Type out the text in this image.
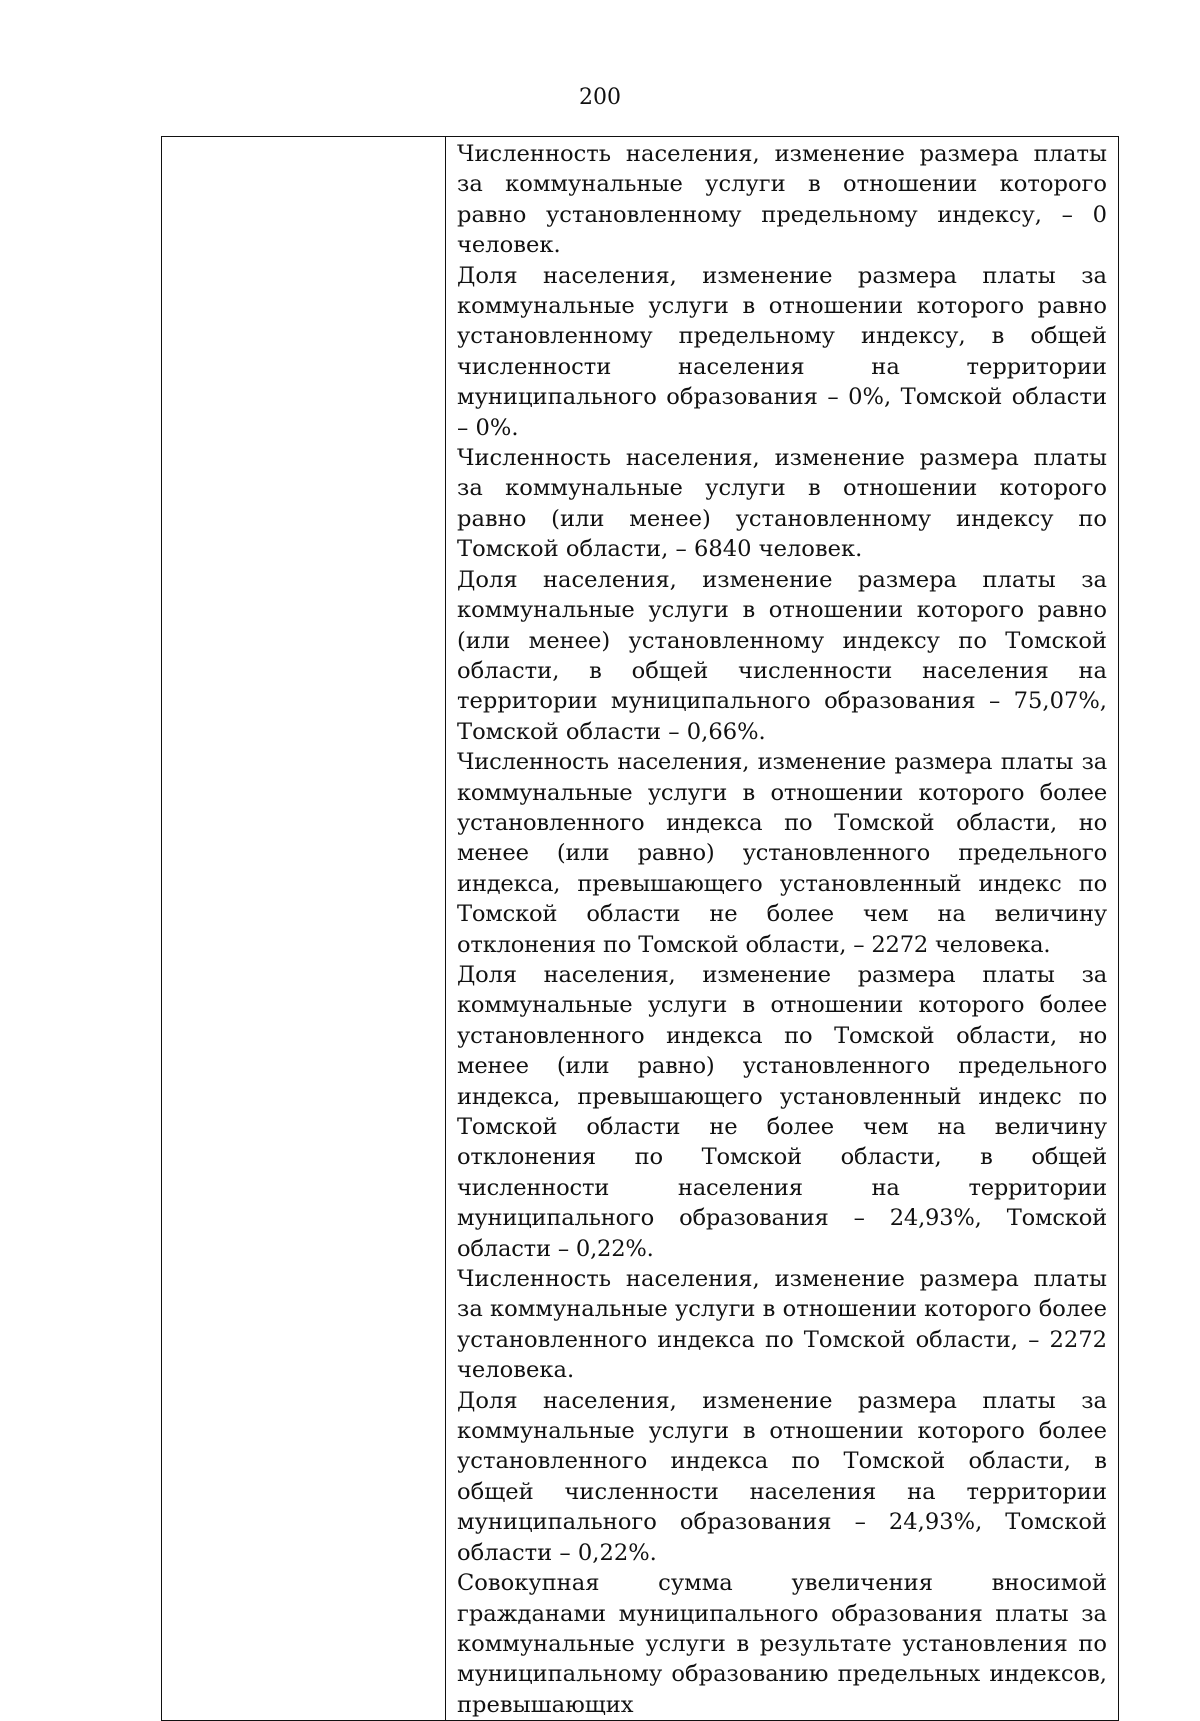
200

Численность населения, изменение размера платы за коммунальные услуги в отношении которого равно установленному предельному индексу, – 0 человек.

Доля населения, изменение размера платы за коммунальные услуги в отношении которого равно установленному предельному индексу, в общей численности населения на территории муниципального образования – 0%, Томской области – 0%.

Численность населения, изменение размера платы за коммунальные услуги в отношении которого равно (или менее) установленному индексу по Томской области, – 6840 человек.

Доля населения, изменение размера платы за коммунальные услуги в отношении которого равно (или менее) установленному индексу по Томской области, в общей численности населения на территории муниципального образования – 75,07%, Томской области – 0,66%.

Численность населения, изменение размера платы за коммунальные услуги в отношении которого более установленного индекса по Томской области, но менее (или равно) установленного предельного индекса, превышающего установленный индекс по Томской области не более чем на величину отклонения по Томской области, – 2272 человека.

Доля населения, изменение размера платы за коммунальные услуги в отношении которого более установленного индекса по Томской области, но менее (или равно) установленного предельного индекса, превышающего установленный индекс по Томской области не более чем на величину отклонения по Томской области, в общей численности населения на территории муниципального образования – 24,93%, Томской области – 0,22%.

Численность населения, изменение размера платы за коммунальные услуги в отношении которого более установленного индекса по Томской области, – 2272 человека.

Доля населения, изменение размера платы за коммунальные услуги в отношении которого более установленного индекса по Томской области, в общей численности населения на территории муниципального образования – 24,93%, Томской области – 0,22%.

Совокупная сумма увеличения вносимой гражданами муниципального образования платы за коммунальные услуги в результате установления по муниципальному образованию предельных индексов, превышающих
